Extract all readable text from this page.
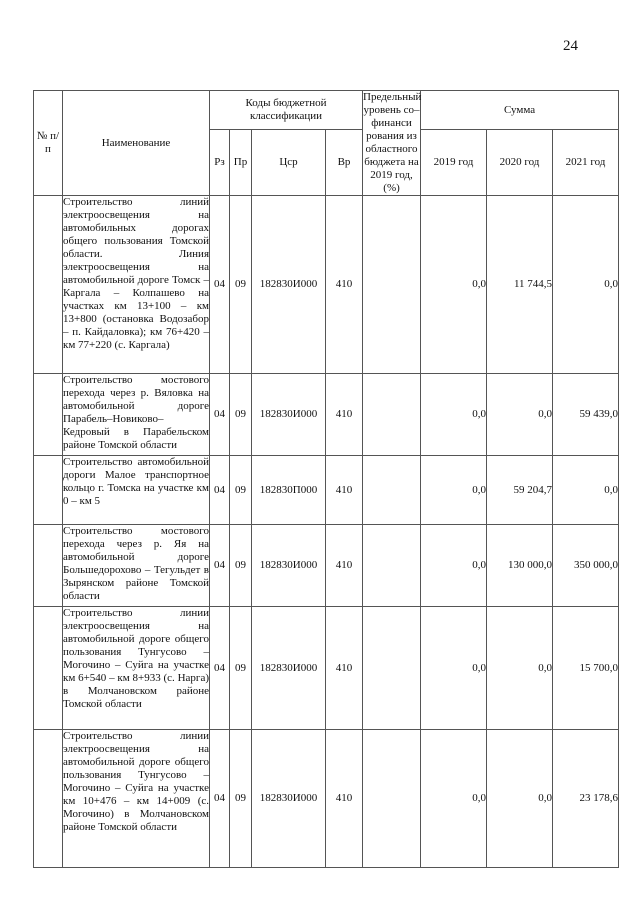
24
№ п/п	Наименование	Коды бюджетной классификации				Предельный уровень со–финанси рования из областного бюджета на 2019 год, (%)	Сумма		
		Рз	Пр	Цср	Вр		2019 год	2020 год	2021 год
	Строительство линий электроосвещения на автомобильных дорогах общего пользования Томской области. Линия электроосвещения на автомобильной дороге Томск – Каргала – Колпашево на участках км 13+100 – км 13+800 (остановка Водозабор – п. Кайдаловка); км 76+420 – км 77+220 (с. Каргала)	04	09	182830И000	410		0,0	11 744,5	0,0
	Строительство мостового перехода через р. Вяловка на автомобильной дороге Парабель–Новиково–Кедровый в Парабельском районе Томской области	04	09	182830И000	410		0,0	0,0	59 439,0
	Строительство автомобильной дороги Малое транспортное кольцо г. Томска на участке км 0 – км 5	04	09	182830П000	410		0,0	59 204,7	0,0
	Строительство мостового перехода через р. Яя на автомобильной дороге Большедорохово – Тегульдет в Зырянском районе Томской области	04	09	182830И000	410		0,0	130 000,0	350 000,0
	Строительство линии электроосвещения на автомобильной дороге общего пользования Тунгусово – Могочино – Суйга на участке км 6+540 – км 8+933 (с. Нарга) в Молчановском районе Томской области	04	09	182830И000	410		0,0	0,0	15 700,0
	Строительство линии электроосвещения на автомобильной дороге общего пользования Тунгусово – Могочино – Суйга на участке км 10+476 – км 14+009 (с. Могочино) в Молчановском районе Томской области	04	09	182830И000	410		0,0	0,0	23 178,6
